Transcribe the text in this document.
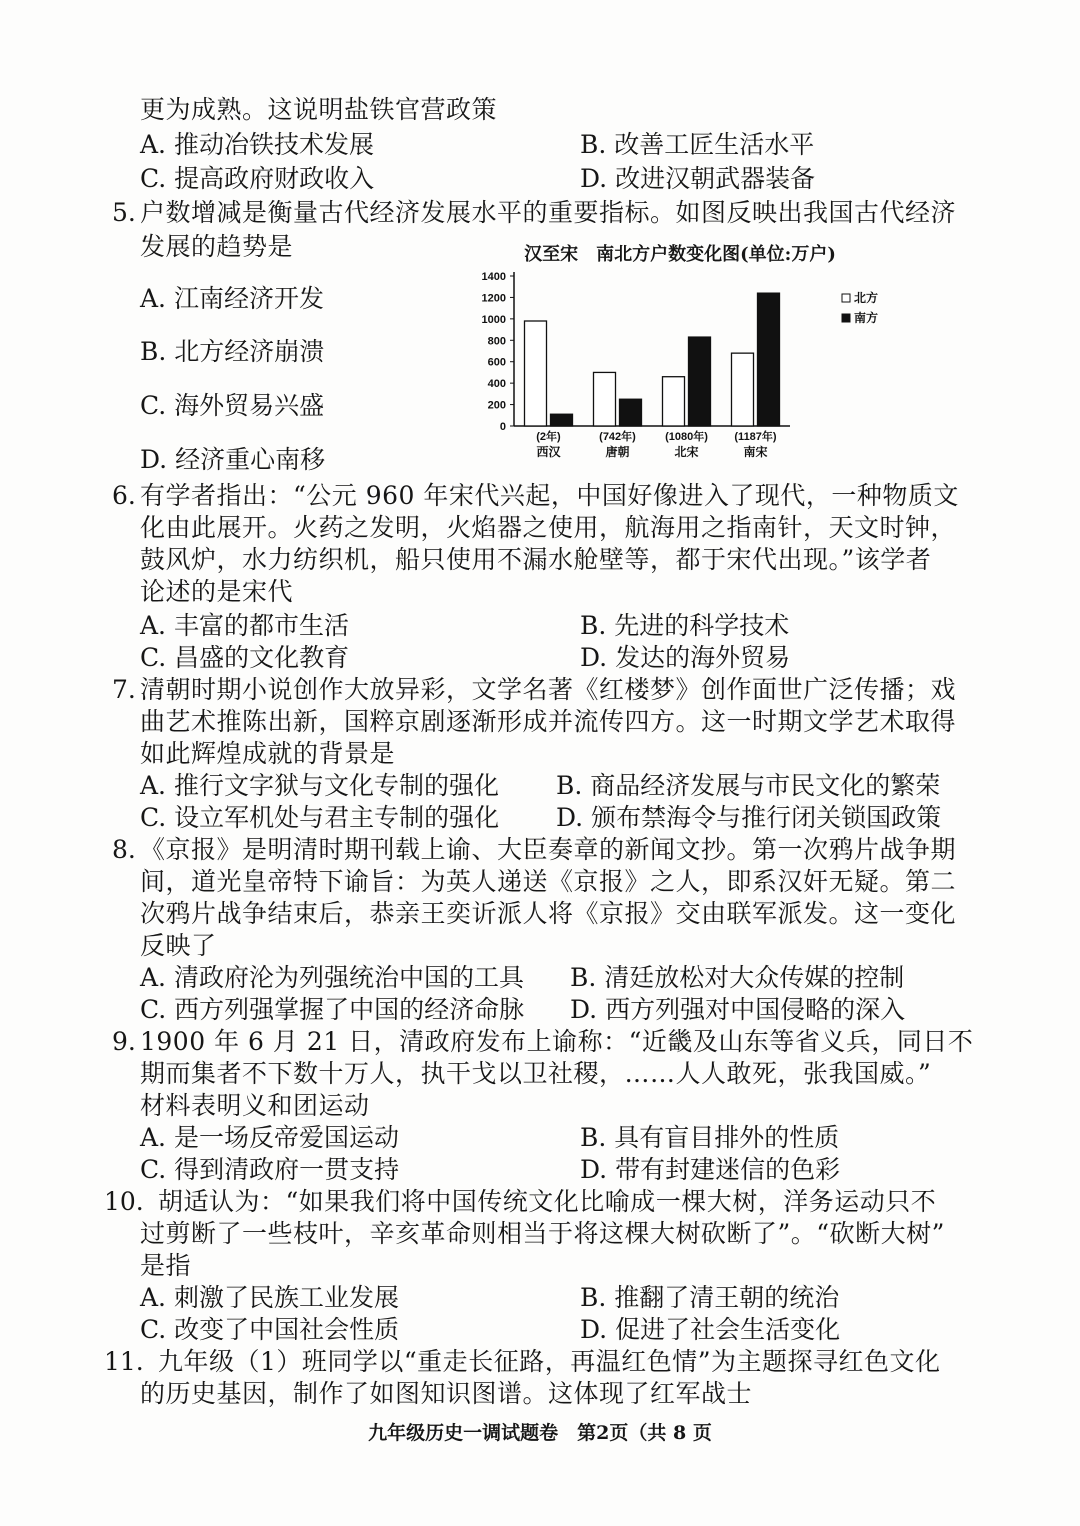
更为成熟。这说明盐铁官营政策
A. 推动冶铁技术发展	B. 改善工匠生活水平
C. 提高政府财政收入	D. 改进汉朝武器装备
5. 户数增减是衡量古代经济发展水平的重要指标。如图反映出我国古代经济
发展的趋势是
A. 江南经济开发
B. 北方经济崩溃
C. 海外贸易兴盛
D. 经济重心南移
汉至宋　南北方户数变化图(单位:万户)
0
200
400
600
800
1000
1200
1400
(2年)
西汉
(742年)
唐朝
(1080年)
北宋
(1187年)
南宋
北方
南方
6. 有学者指出：“公元 960 年宋代兴起，中国好像进入了现代，一种物质文
化由此展开。火药之发明，火焰器之使用，航海用之指南针，天文时钟，
鼓风炉，水力纺织机，船只使用不漏水舱壁等，都于宋代出现。”该学者
论述的是宋代
A. 丰富的都市生活	B. 先进的科学技术
C. 昌盛的文化教育	D. 发达的海外贸易
7. 清朝时期小说创作大放异彩，文学名著《红楼梦》创作面世广泛传播；戏
曲艺术推陈出新，国粹京剧逐渐形成并流传四方。这一时期文学艺术取得
如此辉煌成就的背景是
A. 推行文字狱与文化专制的强化 B. 商品经济发展与市民文化的繁荣
C. 设立军机处与君主专制的强化 D. 颁布禁海令与推行闭关锁国政策
8. 《京报》是明清时期刊载上谕、大臣奏章的新闻文抄。第一次鸦片战争期
间，道光皇帝特下谕旨：为英人递送《京报》之人，即系汉奸无疑。第二
次鸦片战争结束后，恭亲王奕䜣派人将《京报》交由联军派发。这一变化
反映了
A. 清政府沦为列强统治中国的工具 B. 清廷放松对大众传媒的控制
C. 西方列强掌握了中国的经济命脉 D. 西方列强对中国侵略的深入
9. 1900 年 6 月 21 日，清政府发布上谕称：“近畿及山东等省义兵，同日不
期而集者不下数十万人，执干戈以卫社稷，……人人敢死，张我国威。”
材料表明义和团运动
A. 是一场反帝爱国运动	B. 具有盲目排外的性质
C. 得到清政府一贯支持	D. 带有封建迷信的色彩
10. 胡适认为：“如果我们将中国传统文化比喻成一棵大树，洋务运动只不
过剪断了一些枝叶，辛亥革命则相当于将这棵大树砍断了”。“砍断大树”
是指
A. 刺激了民族工业发展	B. 推翻了清王朝的统治
C. 改变了中国社会性质	D. 促进了社会生活变化
11. 九年级（1）班同学以“重走长征路，再温红色情”为主题探寻红色文化
的历史基因，制作了如图知识图谱。这体现了红军战士
九年级历史一调试题卷　第2页（共 8 页
